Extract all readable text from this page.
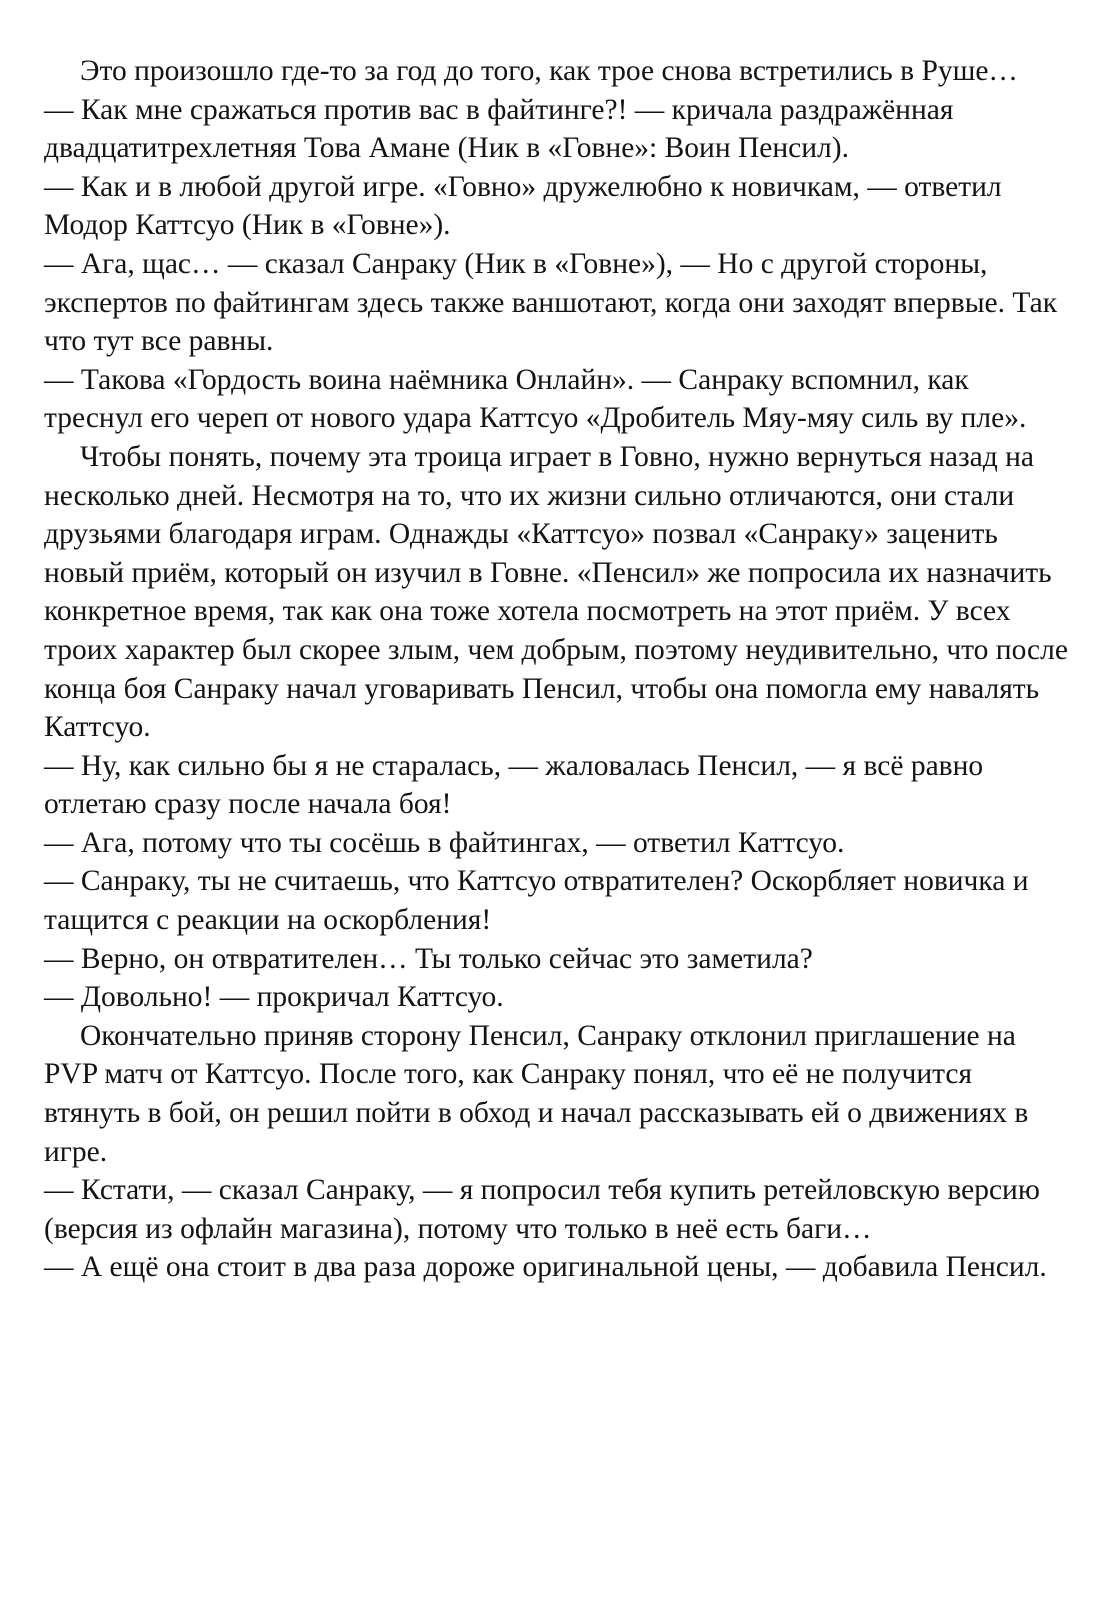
Это произошло где-то за год до того, как трое снова встретились в Руше…

— Как мне сражаться против вас в файтинге?! — кричала раздражённая двадцатитрехлетняя Това Амане (Ник в «Говне»: Воин Пенсил).

— Как и в любой другой игре. «Говно» дружелюбно к новичкам, — ответил Модор Каттсуо (Ник в «Говне»).

— Ага, щас… — сказал Санраку (Ник в «Говне»), — Но с другой стороны, экспертов по файтингам здесь также ваншотают, когда они заходят впервые. Так что тут все равны.

— Такова «Гордость воина наёмника Онлайн». — Санраку вспомнил, как треснул его череп от нового удара Каттсуо «Дробитель Мяу-мяу силь ву пле».

Чтобы понять, почему эта троица играет в Говно, нужно вернуться назад на несколько дней. Несмотря на то, что их жизни сильно отличаются, они стали друзьями благодаря играм. Однажды «Каттсуо» позвал «Санраку» заценить новый приём, который он изучил в Говне. «Пенсил» же попросила их назначить конкретное время, так как она тоже хотела посмотреть на этот приём. У всех троих характер был скорее злым, чем добрым, поэтому неудивительно, что после конца боя Санраку начал уговаривать Пенсил, чтобы она помогла ему навалять Каттсуо.

— Ну, как сильно бы я не старалась, — жаловалась Пенсил, — я всё равно отлетаю сразу после начала боя!

— Ага, потому что ты сосёшь в файтингах, — ответил Каттсуо.

— Санраку, ты не считаешь, что Каттсуо отвратителен? Оскорбляет новичка и тащится с реакции на оскорбления!

— Верно, он отвратителен… Ты только сейчас это заметила?

— Довольно! — прокричал Каттсуо.

Окончательно приняв сторону Пенсил, Санраку отклонил приглашение на PVP матч от Каттсуо. После того, как Санраку понял, что её не получится втянуть в бой, он решил пойти в обход и начал рассказывать ей о движениях в игре.

— Кстати, — сказал Санраку, — я попросил тебя купить ретейловскую версию (версия из офлайн магазина), потому что только в неё есть баги…

— А ещё она стоит в два раза дороже оригинальной цены, — добавила Пенсил.
